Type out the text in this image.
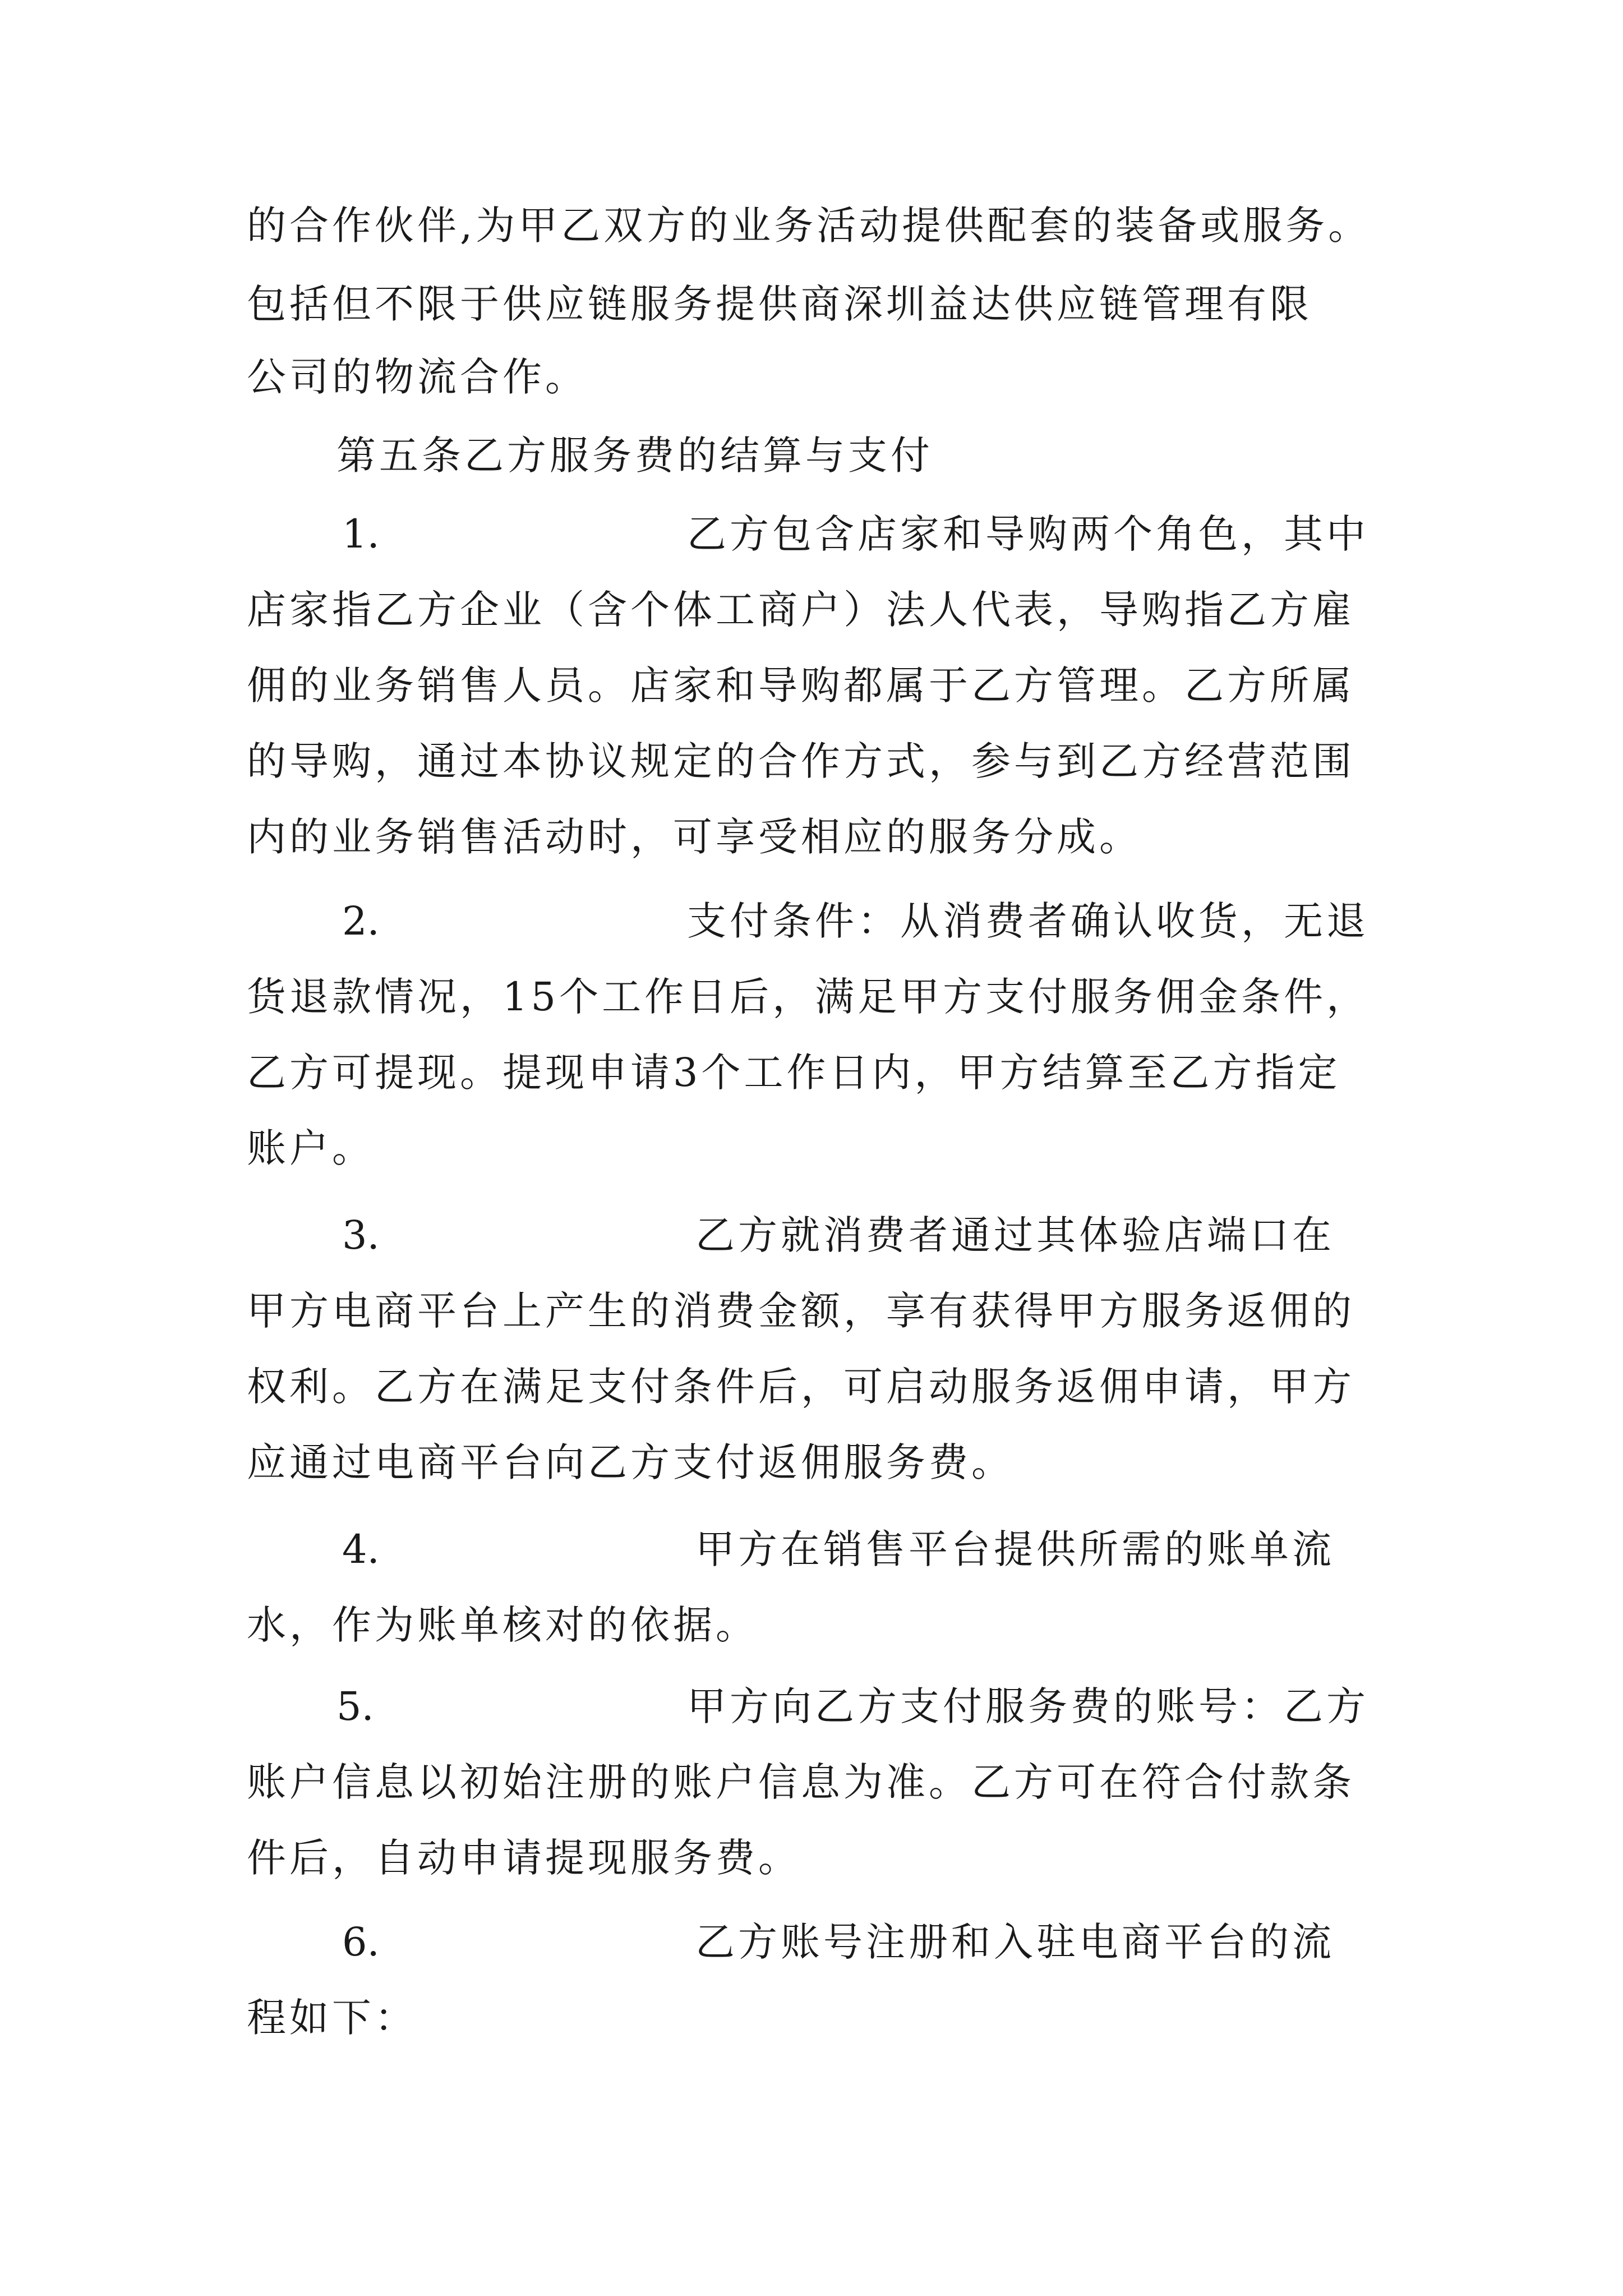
的合作伙伴,为甲乙双方的业务活动提供配套的装备或服务。
包括但不限于供应链服务提供商深圳益达供应链管理有限
公司的物流合作。
第五条乙方服务费的结算与支付
1.	乙方包含店家和导购两个角色，其中
店家指乙方企业（含个体工商户）法人代表，导购指乙方雇
佣的业务销售人员。店家和导购都属于乙方管理。乙方所属
的导购，通过本协议规定的合作方式，参与到乙方经营范围
内的业务销售活动时，可享受相应的服务分成。
2.	支付条件：从消费者确认收货，无退
货退款情况，15个工作日后，满足甲方支付服务佣金条件，
乙方可提现。提现申请3个工作日内，甲方结算至乙方指定
账户。
3.	乙方就消费者通过其体验店端口在
甲方电商平台上产生的消费金额，享有获得甲方服务返佣的
权利。乙方在满足支付条件后，可启动服务返佣申请，甲方
应通过电商平台向乙方支付返佣服务费。
4.	甲方在销售平台提供所需的账单流
水，作为账单核对的依据。
5.	甲方向乙方支付服务费的账号：乙方
账户信息以初始注册的账户信息为准。乙方可在符合付款条
件后，自动申请提现服务费。
6.	乙方账号注册和入驻电商平台的流
程如下：
